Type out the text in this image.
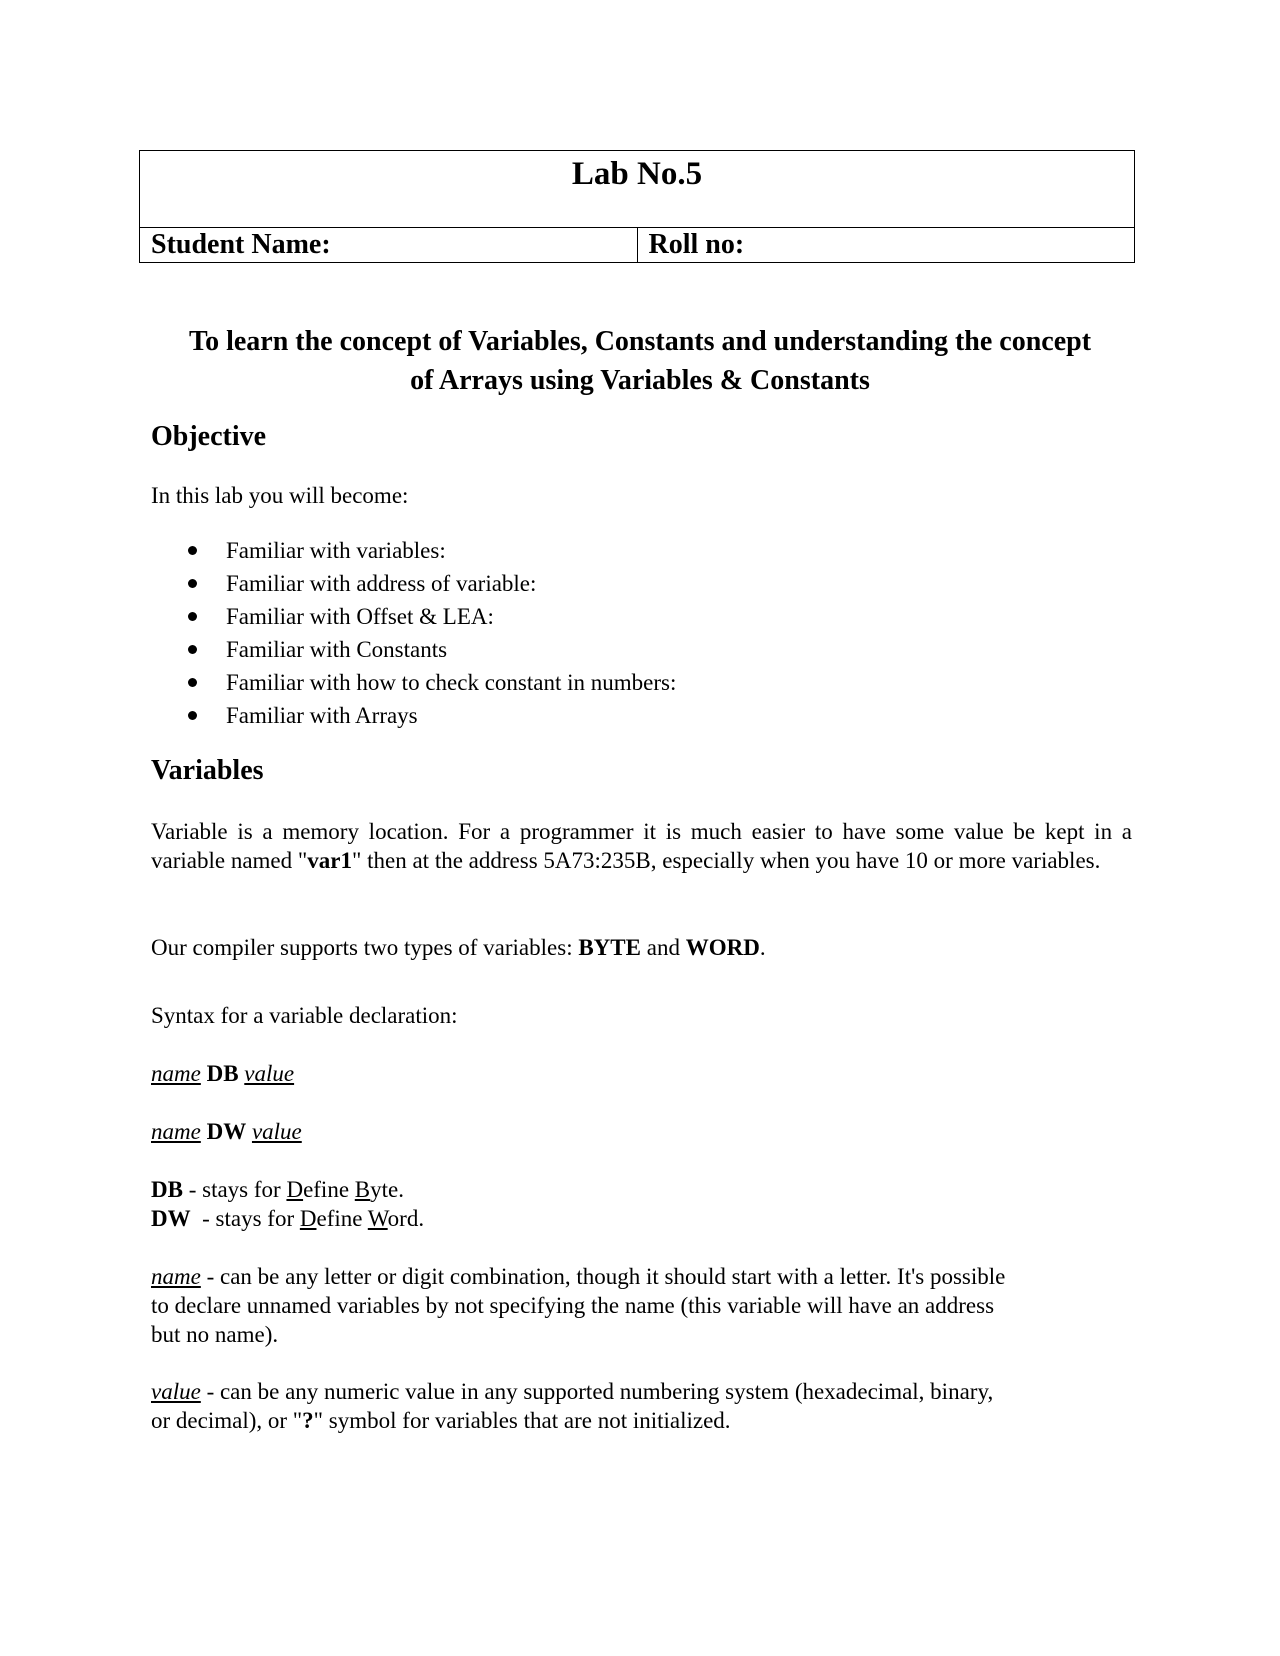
Lab No.5

Student Name:	Roll no:
To learn the concept of Variables, Constants and understanding the concept
of Arrays using Variables & Constants
Objective

In this lab you will become:

Familiar with variables:
Familiar with address of variable:
Familiar with Offset & LEA:
Familiar with Constants
Familiar with how to check constant in numbers:
Familiar with Arrays
Variables

Variable is a memory location. For a programmer it is much easier to have some value be kept in a variable named "var1" then at the address 5A73:235B, especially when you have 10 or more variables.

Our compiler supports two types of variables: BYTE and WORD.

Syntax for a variable declaration:

name DB value

name DW value

DB - stays for Define Byte.

DW  - stays for Define Word.

name - can be any letter or digit combination, though it should start with a letter. It's possible
to declare unnamed variables by not specifying the name (this variable will have an address
but no name).
value - can be any numeric value in any supported numbering system (hexadecimal, binary,
or decimal), or "?" symbol for variables that are not initialized.
